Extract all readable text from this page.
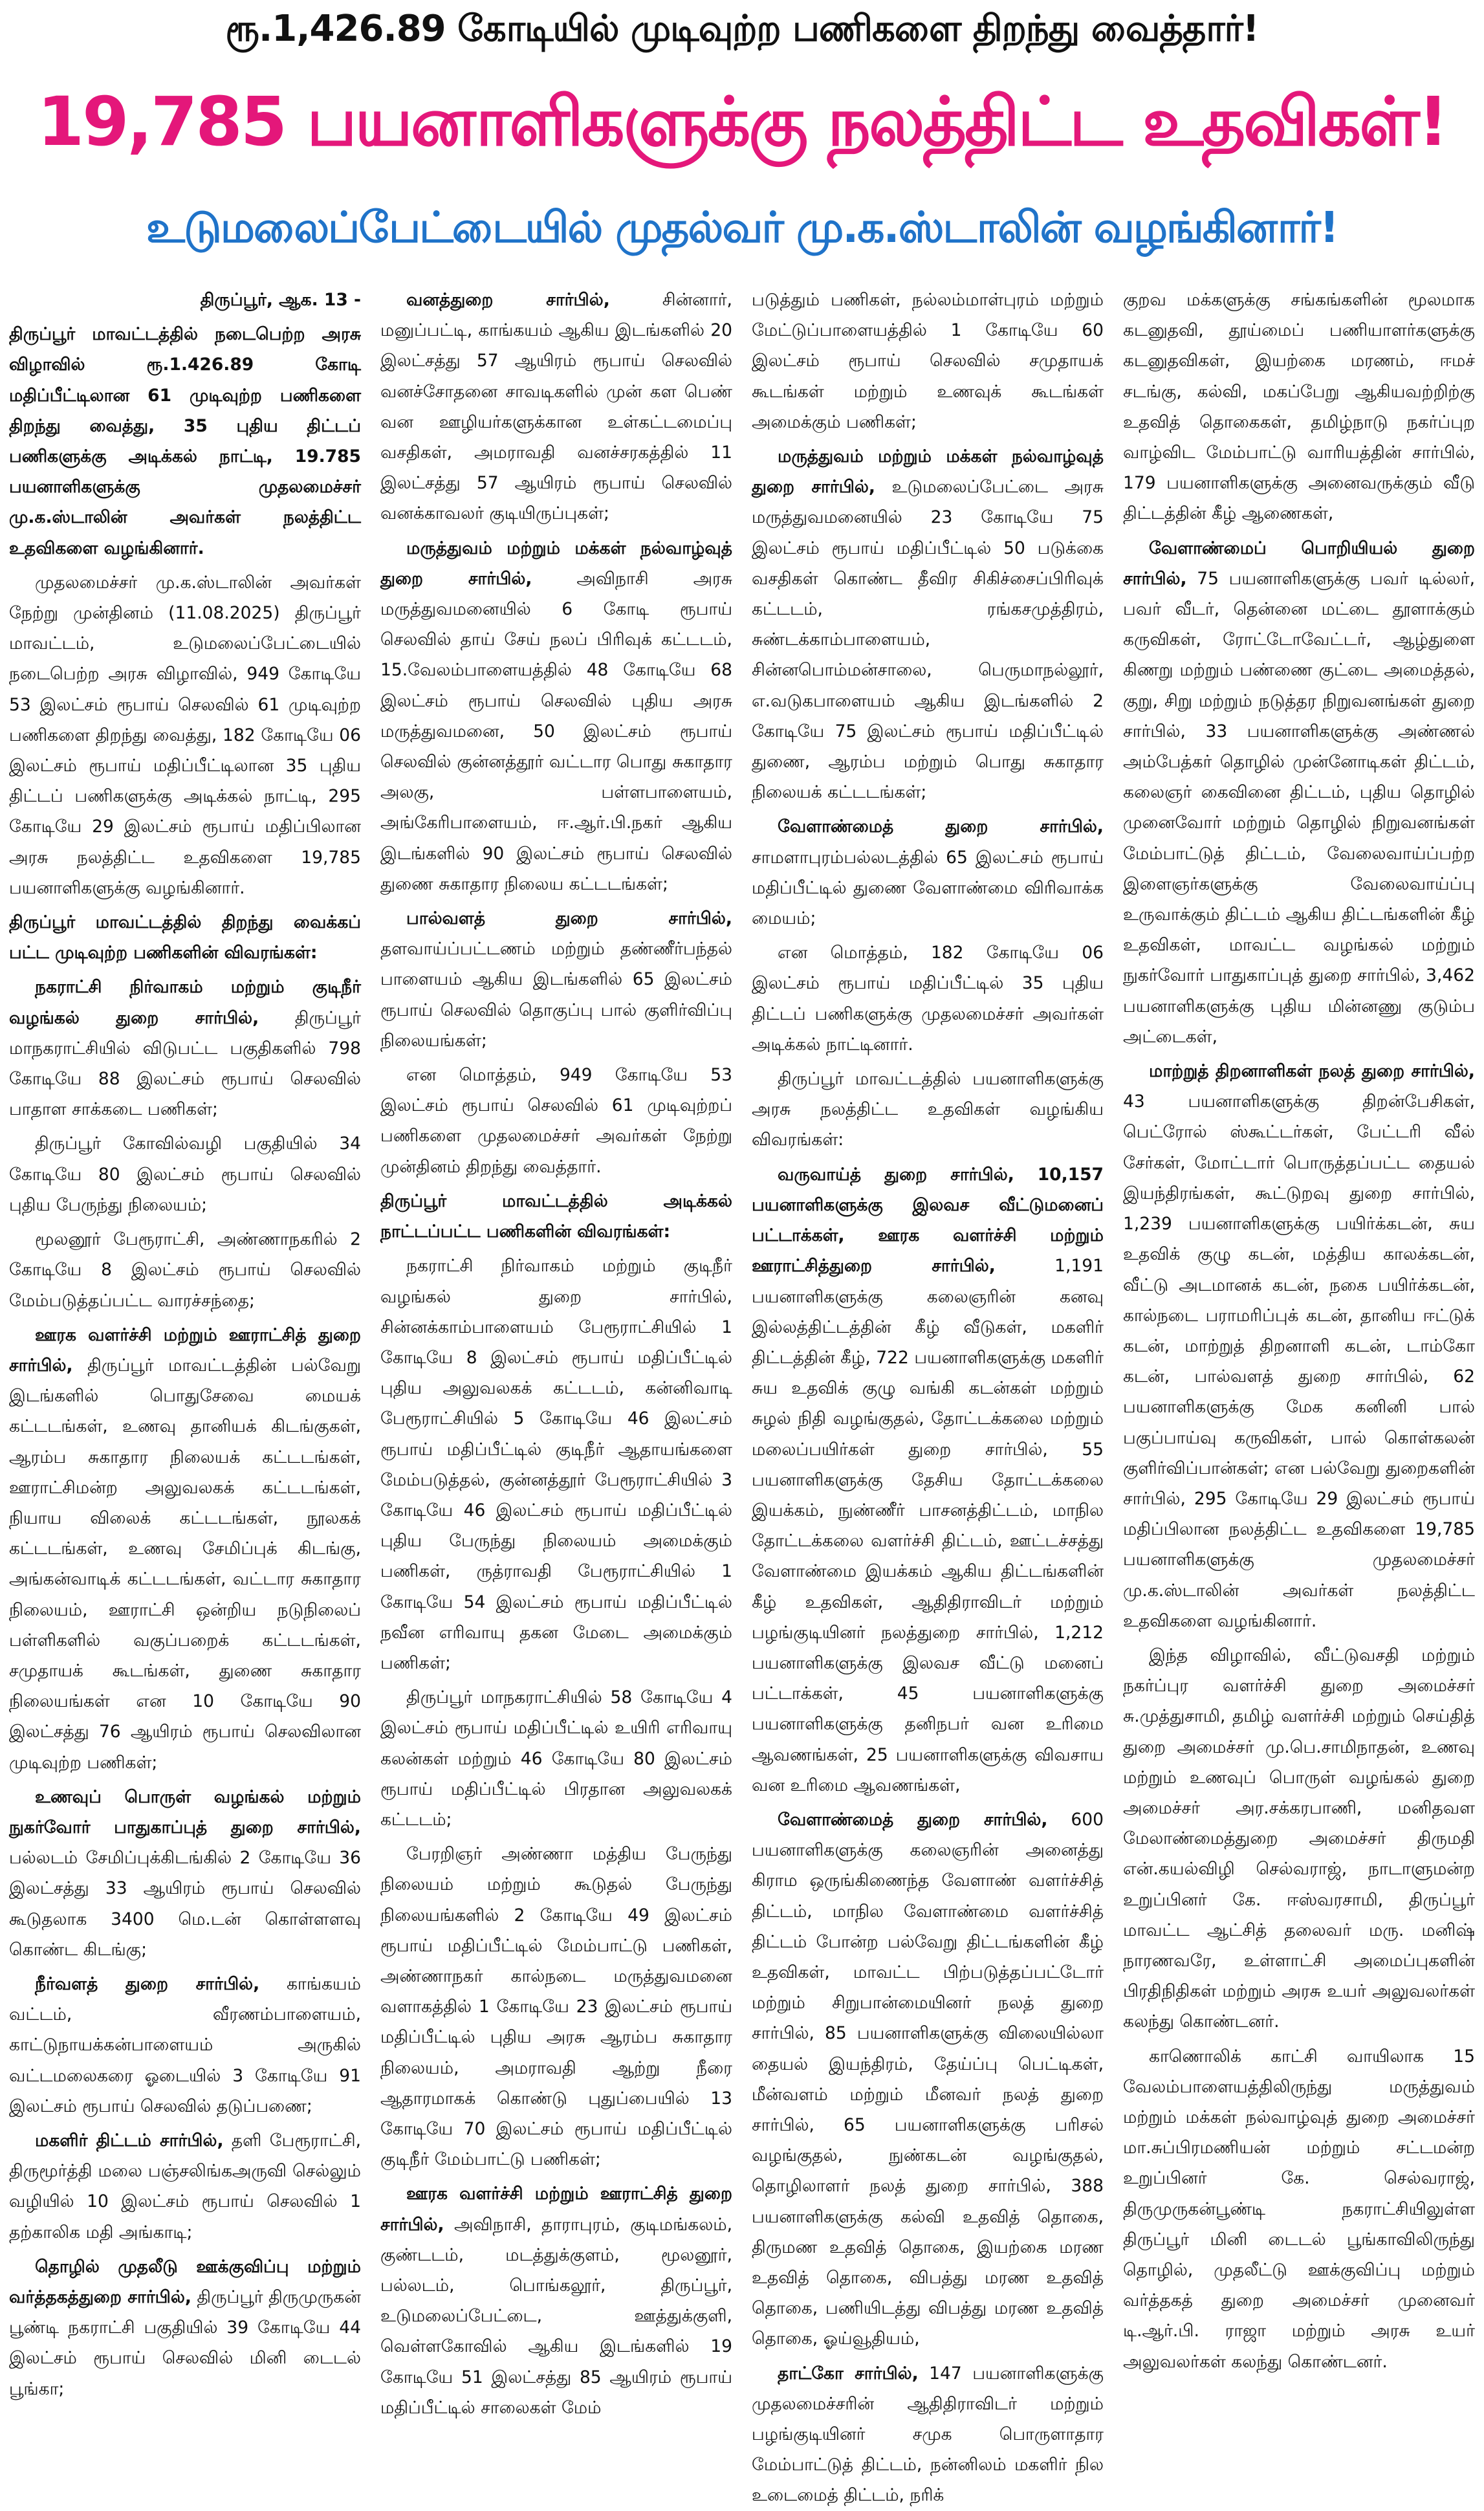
ரூ.1,426.89 கோடியில் முடிவுற்ற பணிகளை திறந்து வைத்தார்!
19,785 பயனாளிகளுக்கு நலத்திட்ட உதவிகள்!
உடுமலைப்பேட்டையில் முதல்வர் மு.க.ஸ்டாலின் வழங்கினார்!

திருப்பூர், ஆக. 13 -

திருப்பூர் மாவட்டத்தில் நடைபெற்ற அரசு விழாவில் ரூ.1.426.89 கோடி மதிப்பீட்டிலான 61 முடிவுற்ற பணிகளை திறந்து வைத்து, 35 புதிய திட்டப் பணிகளுக்கு அடிக்கல் நாட்டி, 19.785 பயனாளிகளுக்கு முதலமைச்சர் மு.க.ஸ்டாலின் அவர்கள் நலத்திட்ட உதவிகளை வழங்கினார்.

முதலமைச்சர் மு.க.ஸ்டாலின் அவர்கள் நேற்று முன்தினம் (11.08.2025) திருப்பூர் மாவட்டம், உடுமலைப்பேட்டையில் நடைபெற்ற அரசு விழாவில், 949 கோடியே 53 இலட்சம் ரூபாய் செலவில் 61 முடிவுற்ற பணிகளை திறந்து வைத்து, 182 கோடியே 06 இலட்சம் ரூபாய் மதிப்பீட்டிலான 35 புதிய திட்டப் பணிகளுக்கு அடிக்கல் நாட்டி, 295 கோடியே 29 இலட்சம் ரூபாய் மதிப்பிலான அரசு நலத்திட்ட உதவிகளை 19,785 பயனாளிகளுக்கு வழங்கினார்.

திருப்பூர் மாவட்டத்தில் திறந்து வைக்கப் பட்ட முடிவுற்ற பணிகளின் விவரங்கள்:

நகராட்சி நிர்வாகம் மற்றும் குடிநீர் வழங்கல் துறை சார்பில், திருப்பூர் மாநகராட்சியில் விடுபட்ட பகுதிகளில் 798 கோடியே 88 இலட்சம் ரூபாய் செலவில் பாதாள சாக்கடை பணிகள்;

திருப்பூர் கோவில்வழி பகுதியில் 34 கோடியே 80 இலட்சம் ரூபாய் செலவில் புதிய பேருந்து நிலையம்;

மூலனூர் பேரூராட்சி, அண்ணாநகரில் 2 கோடியே 8 இலட்சம் ரூபாய் செலவில் மேம்படுத்தப்பட்ட வாரச்சந்தை;

ஊரக வளர்ச்சி மற்றும் ஊராட்சித் துறை சார்பில், திருப்பூர் மாவட்டத்தின் பல்வேறு இடங்களில் பொதுசேவை மையக் கட்டடங்கள், உணவு தானியக் கிடங்குகள், ஆரம்ப சுகாதார நிலையக் கட்டடங்கள், ஊராட்சிமன்ற அலுவலகக் கட்டடங்கள், நியாய விலைக் கட்டடங்கள், நூலகக் கட்டடங்கள், உணவு சேமிப்புக் கிடங்கு, அங்கன்வாடிக் கட்டடங்கள், வட்டார சுகாதார நிலையம், ஊராட்சி ஒன்றிய நடுநிலைப் பள்ளிகளில் வகுப்பறைக் கட்டடங்கள், சமுதாயக் கூடங்கள், துணை சுகாதார நிலையங்கள் என 10 கோடியே 90 இலட்சத்து 76 ஆயிரம் ரூபாய் செலவிலான முடிவுற்ற பணிகள்;

உணவுப் பொருள் வழங்கல் மற்றும் நுகர்வோர் பாதுகாப்புத் துறை சார்பில், பல்லடம் சேமிப்புக்கிடங்கில் 2 கோடியே 36 இலட்சத்து 33 ஆயிரம் ரூபாய் செலவில் கூடுதலாக 3400 மெ.டன் கொள்ளளவு கொண்ட கிடங்கு;

நீர்வளத் துறை சார்பில், காங்கயம் வட்டம், வீரணம்பாளையம், காட்டுநாயக்கன்பாளையம் அருகில் வட்டமலைகரை ஓடையில் 3 கோடியே 91 இலட்சம் ரூபாய் செலவில் தடுப்பணை;

மகளிர் திட்டம் சார்பில், தளி பேரூராட்சி, திருமூர்த்தி மலை பஞ்சலிங்கஅருவி செல்லும் வழியில் 10 இலட்சம் ரூபாய் செலவில் 1 தற்காலிக மதி அங்காடி;

தொழில் முதலீடு ஊக்குவிப்பு மற்றும் வர்த்தகத்துறை சார்பில், திருப்பூர் திருமுருகன் பூண்டி நகராட்சி பகுதியில் 39 கோடியே 44 இலட்சம் ரூபாய் செலவில் மினி டைடல் பூங்கா;

வனத்துறை சார்பில், சின்னார், மனுப்பட்டி, காங்கயம் ஆகிய இடங்களில் 20 இலட்சத்து 57 ஆயிரம் ரூபாய் செலவில் வனச்சோதனை சாவடிகளில் முன் கள பெண் வன ஊழியர்களுக்கான உள்கட்டமைப்பு வசதிகள், அமராவதி வனச்சரகத்தில் 11 இலட்சத்து 57 ஆயிரம் ரூபாய் செலவில் வனக்காவலர் குடியிருப்புகள்;

மருத்துவம் மற்றும் மக்கள் நல்வாழ்வுத் துறை சார்பில், அவிநாசி அரசு மருத்துவமனையில் 6 கோடி ரூபாய் செலவில் தாய் சேய் நலப் பிரிவுக் கட்டடம், 15.வேலம்பாளையத்தில் 48 கோடியே 68 இலட்சம் ரூபாய் செலவில் புதிய அரசு மருத்துவமனை, 50 இலட்சம் ரூபாய் செலவில் குன்னத்தூர் வட்டார பொது சுகாதார அலகு, பள்ளபாளையம், அங்கேரிபாளையம், ஈ.ஆர்.பி.நகர் ஆகிய இடங்களில் 90 இலட்சம் ரூபாய் செலவில் துணை சுகாதார நிலைய கட்டடங்கள்;

பால்வளத் துறை சார்பில், தளவாய்ப்பட்டணம் மற்றும் தண்ணீர்பந்தல் பாளையம் ஆகிய இடங்களில் 65 இலட்சம் ரூபாய் செலவில் தொகுப்பு பால் குளிர்விப்பு நிலையங்கள்;

என மொத்தம், 949 கோடியே 53 இலட்சம் ரூபாய் செலவில் 61 முடிவுற்றப் பணிகளை முதலமைச்சர் அவர்கள் நேற்று முன்தினம் திறந்து வைத்தார்.

திருப்பூர் மாவட்டத்தில் அடிக்கல் நாட்டப்பட்ட பணிகளின் விவரங்கள்:

நகராட்சி நிர்வாகம் மற்றும் குடிநீர் வழங்கல் துறை சார்பில், சின்னக்காம்பாளையம் பேரூராட்சியில் 1 கோடியே 8 இலட்சம் ரூபாய் மதிப்பீட்டில் புதிய அலுவலகக் கட்டடம், கன்னிவாடி பேரூராட்சியில் 5 கோடியே 46 இலட்சம் ரூபாய் மதிப்பீட்டில் குடிநீர் ஆதாயங்களை மேம்படுத்தல், குன்னத்தூர் பேரூராட்சியில் 3 கோடியே 46 இலட்சம் ரூபாய் மதிப்பீட்டில் புதிய பேருந்து நிலையம் அமைக்கும் பணிகள், ருத்ராவதி பேரூராட்சியில் 1 கோடியே 54 இலட்சம் ரூபாய் மதிப்பீட்டில் நவீன எரிவாயு தகன மேடை அமைக்கும் பணிகள்;

திருப்பூர் மாநகராட்சியில் 58 கோடியே 4 இலட்சம் ரூபாய் மதிப்பீட்டில் உயிரி எரிவாயு கலன்கள் மற்றும் 46 கோடியே 80 இலட்சம் ரூபாய் மதிப்பீட்டில் பிரதான அலுவலகக் கட்டடம்;

பேரறிஞர் அண்ணா மத்திய பேருந்து நிலையம் மற்றும் கூடுதல் பேருந்து நிலையங்களில் 2 கோடியே 49 இலட்சம் ரூபாய் மதிப்பீட்டில் மேம்பாட்டு பணிகள், அண்ணாநகர் கால்நடை மருத்துவமனை வளாகத்தில் 1 கோடியே 23 இலட்சம் ரூபாய் மதிப்பீட்டில் புதிய அரசு ஆரம்ப சுகாதார நிலையம், அமராவதி ஆற்று நீரை ஆதாரமாகக் கொண்டு புதுப்பையில் 13 கோடியே 70 இலட்சம் ரூபாய் மதிப்பீட்டில் குடிநீர் மேம்பாட்டு பணிகள்;

ஊரக வளர்ச்சி மற்றும் ஊராட்சித் துறை சார்பில், அவிநாசி, தாராபுரம், குடிமங்கலம், குண்டடம், மடத்துக்குளம், மூலனூர், பல்லடம், பொங்கலூர், திருப்பூர், உடுமலைப்பேட்டை, ஊத்துக்குளி, வெள்ளகோவில் ஆகிய இடங்களில் 19 கோடியே 51 இலட்சத்து 85 ஆயிரம் ரூபாய் மதிப்பீட்டில் சாலைகள் மேம்

படுத்தும் பணிகள், நல்லம்மாள்புரம் மற்றும் மேட்டுப்பாளையத்தில் 1 கோடியே 60 இலட்சம் ரூபாய் செலவில் சமுதாயக் கூடங்கள் மற்றும் உணவுக் கூடங்கள் அமைக்கும் பணிகள்;

மருத்துவம் மற்றும் மக்கள் நல்வாழ்வுத் துறை சார்பில், உடுமலைப்பேட்டை அரசு மருத்துவமனையில் 23 கோடியே 75 இலட்சம் ரூபாய் மதிப்பீட்டில் 50 படுக்கை வசதிகள் கொண்ட தீவிர சிகிச்சைப்பிரிவுக் கட்டடம், ரங்கசமுத்திரம், சுண்டக்காம்பாளையம், சின்னபொம்மன்சாலை, பெருமாநல்லூர், எ.வடுகபாளையம் ஆகிய இடங்களில் 2 கோடியே 75 இலட்சம் ரூபாய் மதிப்பீட்டில் துணை, ஆரம்ப மற்றும் பொது சுகாதார நிலையக் கட்டடங்கள்;

வேளாண்மைத் துறை சார்பில், சாமளாபுரம்பல்லடத்தில் 65 இலட்சம் ரூபாய் மதிப்பீட்டில் துணை வேளாண்மை விரிவாக்க மையம்;

என மொத்தம், 182 கோடியே 06 இலட்சம் ரூபாய் மதிப்பீட்டில் 35 புதிய திட்டப் பணிகளுக்கு முதலமைச்சர் அவர்கள் அடிக்கல் நாட்டினார்.

திருப்பூர் மாவட்டத்தில் பயனாளிகளுக்கு அரசு நலத்திட்ட உதவிகள் வழங்கிய விவரங்கள்:

வருவாய்த் துறை சார்பில், 10,157 பயனாளிகளுக்கு இலவச வீட்டுமனைப் பட்டாக்கள், ஊரக வளர்ச்சி மற்றும் ஊராட்சித்துறை சார்பில், 1,191 பயனாளிகளுக்கு கலைஞரின் கனவு இல்லத்திட்டத்தின் கீழ் வீடுகள், மகளிர் திட்டத்தின் கீழ், 722 பயனாளிகளுக்கு மகளிர் சுய உதவிக் குழு வங்கி கடன்கள் மற்றும் சுழல் நிதி வழங்குதல், தோட்டக்கலை மற்றும் மலைப்பயிர்கள் துறை சார்பில், 55 பயனாளிகளுக்கு தேசிய தோட்டக்கலை இயக்கம், நுண்ணீர் பாசனத்திட்டம், மாநில தோட்டக்கலை வளர்ச்சி திட்டம், ஊட்டச்சத்து வேளாண்மை இயக்கம் ஆகிய திட்டங்களின் கீழ் உதவிகள், ஆதிதிராவிடர் மற்றும் பழங்குடியினர் நலத்துறை சார்பில், 1,212 பயனாளிகளுக்கு இலவச வீட்டு மனைப் பட்டாக்கள், 45 பயனாளிகளுக்கு பயனாளிகளுக்கு தனிநபர் வன உரிமை ஆவணங்கள், 25 பயனாளிகளுக்கு விவசாய வன உரிமை ஆவணங்கள்,

வேளாண்மைத் துறை சார்பில், 600 பயனாளிகளுக்கு கலைஞரின் அனைத்து கிராம ஒருங்கிணைந்த வேளாண் வளர்ச்சித் திட்டம், மாநில வேளாண்மை வளர்ச்சித் திட்டம் போன்ற பல்வேறு திட்டங்களின் கீழ் உதவிகள், மாவட்ட பிற்படுத்தப்பட்டோர் மற்றும் சிறுபான்மையினர் நலத் துறை சார்பில், 85 பயனாளிகளுக்கு விலையில்லா தையல் இயந்திரம், தேய்ப்பு பெட்டிகள், மீன்வளம் மற்றும் மீனவர் நலத் துறை சார்பில், 65 பயனாளிகளுக்கு பரிசல் வழங்குதல், நுண்கடன் வழங்குதல், தொழிலாளர் நலத் துறை சார்பில், 388 பயனாளிகளுக்கு கல்வி உதவித் தொகை, திருமண உதவித் தொகை, இயற்கை மரண உதவித் தொகை, விபத்து மரண உதவித் தொகை, பணியிடத்து விபத்து மரண உதவித் தொகை, ஓய்வூதியம்,

தாட்கோ சார்பில், 147 பயனாளிகளுக்கு முதலமைச்சரின் ஆதிதிராவிடர் மற்றும் பழங்குடியினர் சமுக பொருளாதார மேம்பாட்டுத் திட்டம், நன்னிலம் மகளிர் நில உடைமைத் திட்டம், நரிக்

குறவ மக்களுக்கு சங்கங்களின் மூலமாக கடனுதவி, தூய்மைப் பணியாளர்களுக்கு கடனுதவிகள், இயற்கை மரணம், ஈமச் சடங்கு, கல்வி, மகப்பேறு ஆகியவற்றிற்கு உதவித் தொகைகள், தமிழ்நாடு நகர்ப்புற வாழ்விட மேம்பாட்டு வாரியத்தின் சார்பில், 179 பயனாளிகளுக்கு அனைவருக்கும் வீடு திட்டத்தின் கீழ் ஆணைகள்,

வேளாண்மைப் பொறியியல் துறை சார்பில், 75 பயனாளிகளுக்கு பவர் டில்லர், பவர் வீடர், தென்னை மட்டை தூளாக்கும் கருவிகள், ரோட்டோவேட்டர், ஆழ்துளை கிணறு மற்றும் பண்ணை குட்டை அமைத்தல், குறு, சிறு மற்றும் நடுத்தர நிறுவனங்கள் துறை சார்பில், 33 பயனாளிகளுக்கு அண்ணல் அம்பேத்கர் தொழில் முன்னோடிகள் திட்டம், கலைஞர் கைவினை திட்டம், புதிய தொழில் முனைவோர் மற்றும் தொழில் நிறுவனங்கள் மேம்பாட்டுத் திட்டம், வேலைவாய்ப்பற்ற இளைஞர்களுக்கு வேலைவாய்ப்பு உருவாக்கும் திட்டம் ஆகிய திட்டங்களின் கீழ் உதவிகள், மாவட்ட வழங்கல் மற்றும் நுகர்வோர் பாதுகாப்புத் துறை சார்பில், 3,462 பயனாளிகளுக்கு புதிய மின்னணு குடும்ப அட்டைகள்,

மாற்றுத் திறனாளிகள் நலத் துறை சார்பில், 43 பயனாளிகளுக்கு திறன்பேசிகள், பெட்ரோல் ஸ்கூட்டர்கள், பேட்டரி வீல் சேர்கள், மோட்டார் பொருத்தப்பட்ட தையல் இயந்திரங்கள், கூட்டுறவு துறை சார்பில், 1,239 பயனாளிகளுக்கு பயிர்க்கடன், சுய உதவிக் குழு கடன், மத்திய காலக்கடன், வீட்டு அடமானக் கடன், நகை பயிர்க்கடன், கால்நடை பராமரிப்புக் கடன், தானிய ஈட்டுக் கடன், மாற்றுத் திறனாளி கடன், டாம்கோ கடன், பால்வளத் துறை சார்பில், 62 பயனாளிகளுக்கு மேக கனினி பால் பகுப்பாய்வு கருவிகள், பால் கொள்கலன் குளிர்விப்பான்கள்; என பல்வேறு துறைகளின் சார்பில், 295 கோடியே 29 இலட்சம் ரூபாய் மதிப்பிலான நலத்திட்ட உதவிகளை 19,785 பயனாளிகளுக்கு முதலமைச்சர் மு.க.ஸ்டாலின் அவர்கள் நலத்திட்ட உதவிகளை வழங்கினார்.

இந்த விழாவில், வீட்டுவசதி மற்றும் நகர்ப்புர வளர்ச்சி துறை அமைச்சர் சு.முத்துசாமி, தமிழ் வளர்ச்சி மற்றும் செய்தித் துறை அமைச்சர் மு.பெ.சாமிநாதன், உணவு மற்றும் உணவுப் பொருள் வழங்கல் துறை அமைச்சர் அர.சக்கரபாணி, மனிதவள மேலாண்மைத்துறை அமைச்சர் திருமதி என்.கயல்விழி செல்வராஜ், நாடாளுமன்ற உறுப்பினர் கே. ஈஸ்வரசாமி, திருப்பூர் மாவட்ட ஆட்சித் தலைவர் மரு. மனிஷ் நாரணவரே, உள்ளாட்சி அமைப்புகளின் பிரதிநிதிகள் மற்றும் அரசு உயர் அலுவலர்கள் கலந்து கொண்டனர்.

காணொலிக் காட்சி வாயிலாக 15 வேலம்பாளையத்திலிருந்து மருத்துவம் மற்றும் மக்கள் நல்வாழ்வுத் துறை அமைச்சர் மா.சுப்பிரமணியன் மற்றும் சட்டமன்ற உறுப்பினர் கே. செல்வராஜ், திருமுருகன்பூண்டி நகராட்சியிலுள்ள திருப்பூர் மினி டைடல் பூங்காவிலிருந்து தொழில், முதலீட்டு ஊக்குவிப்பு மற்றும் வர்த்தகத் துறை அமைச்சர் முனைவர் டி.ஆர்.பி. ராஜா மற்றும் அரசு உயர் அலுவலர்கள் கலந்து கொண்டனர்.
